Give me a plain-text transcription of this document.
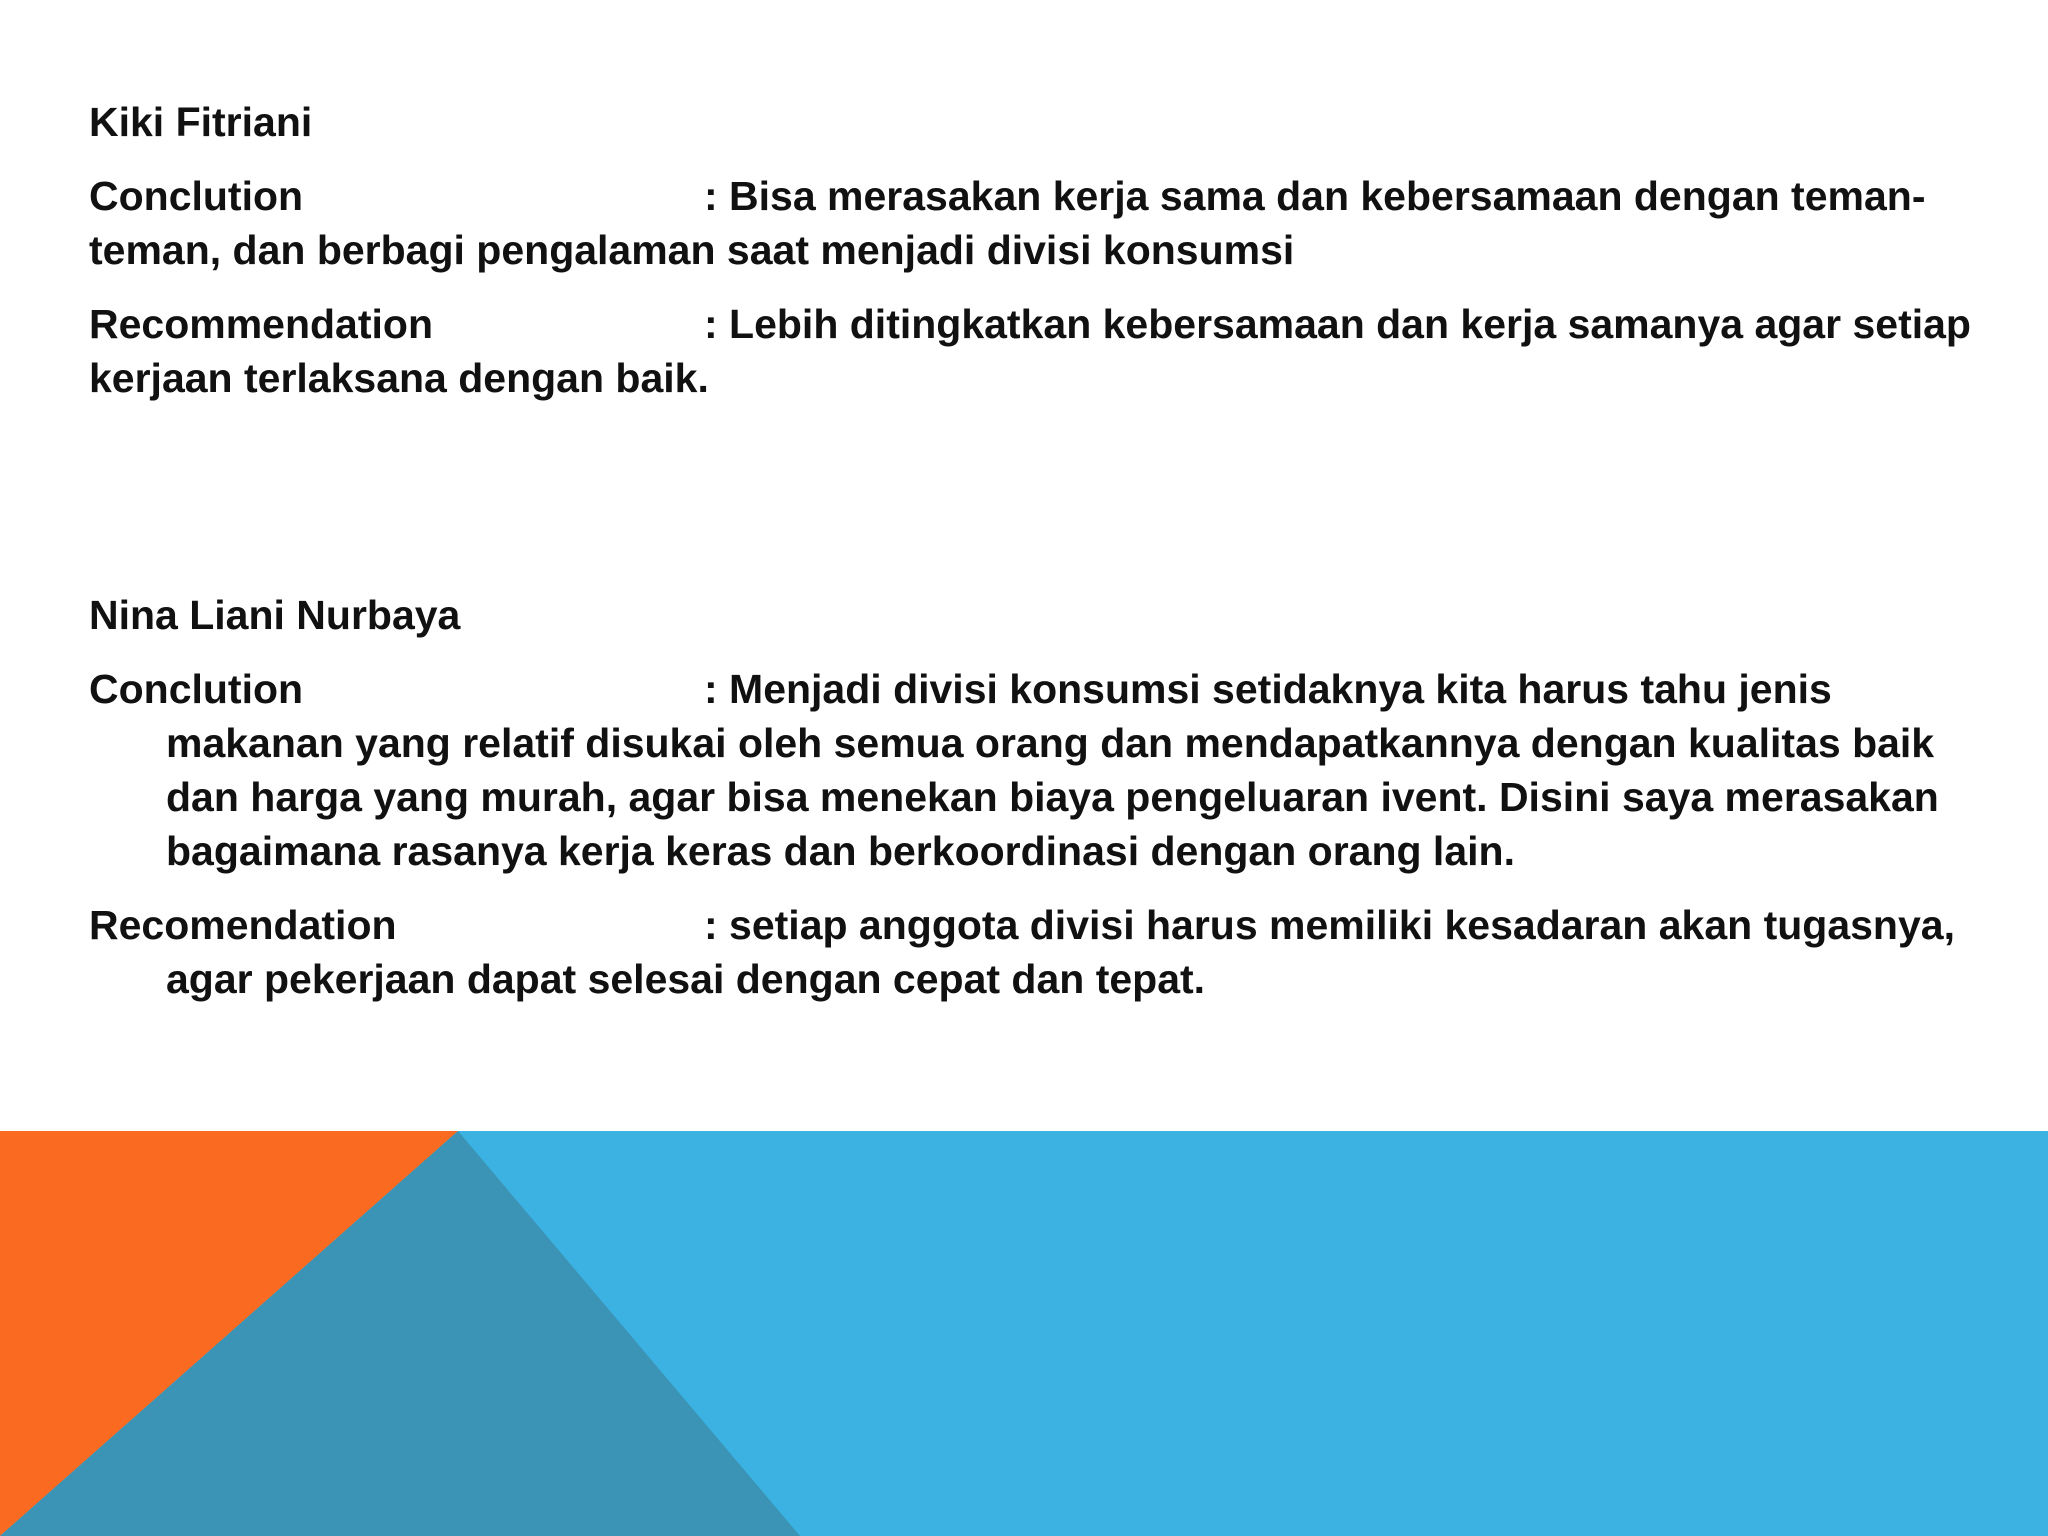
Kiki Fitriani
Conclution	: Bisa merasakan kerja sama dan kebersamaan dengan teman-teman, dan berbagi pengalaman saat menjadi divisi konsumsi
Recommendation	: Lebih ditingkatkan kebersamaan dan kerja samanya agar setiap kerjaan terlaksana dengan baik.
Nina Liani Nurbaya
Conclution	: Menjadi divisi konsumsi setidaknya kita harus tahu jenis makanan yang relatif disukai oleh semua orang dan mendapatkannya dengan kualitas baik dan harga yang murah, agar bisa menekan biaya pengeluaran ivent. Disini saya merasakan bagaimana rasanya kerja keras dan berkoordinasi dengan orang lain.
Recomendation	: setiap anggota divisi harus memiliki kesadaran akan tugasnya, agar pekerjaan dapat selesai dengan cepat dan tepat.
